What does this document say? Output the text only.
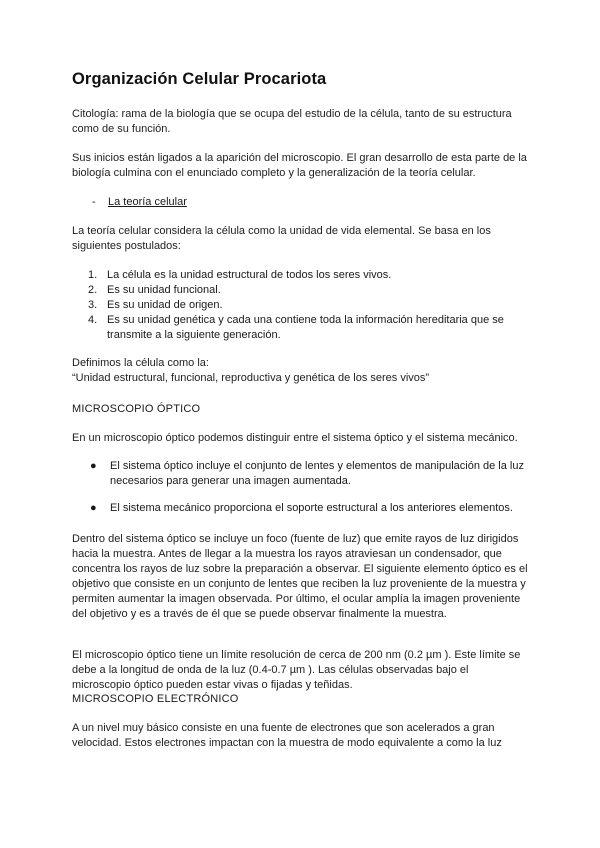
Organización Celular Procariota

Citología: rama de la biología que se ocupa del estudio de la célula, tanto de su estructura como de su función.

Sus inicios están ligados a la aparición del microscopio. El gran desarrollo de esta parte de la biología culmina con el enunciado completo y la generalización de la teoría celular.

- La teoría celular

La teoría celular considera la célula como la unidad de vida elemental. Se basa en los siguientes postulados:

1. La célula es la unidad estructural de todos los seres vivos.
2. Es su unidad funcional.
3. Es su unidad de origen.
4. Es su unidad genética y cada una contiene toda la información hereditaria que se transmite a la siguiente generación.

Definimos la célula como la:
“Unidad estructural, funcional, reproductiva y genética de los seres vivos”

MICROSCOPIO ÓPTICO

En un microscopio óptico podemos distinguir entre el sistema óptico y el sistema mecánico.

● El sistema óptico incluye el conjunto de lentes y elementos de manipulación de la luz necesarios para generar una imagen aumentada.

● El sistema mecánico proporciona el soporte estructural a los anteriores elementos.

Dentro del sistema óptico se incluye un foco (fuente de luz) que emite rayos de luz dirigidos hacia la muestra. Antes de llegar a la muestra los rayos atraviesan un condensador, que concentra los rayos de luz sobre la preparación a observar. El siguiente elemento óptico es el objetivo que consiste en un conjunto de lentes que reciben la luz proveniente de la muestra y permiten aumentar la imagen observada. Por último, el ocular amplía la imagen proveniente del objetivo y es a través de él que se puede observar finalmente la muestra.

El microscopio óptico tiene un límite resolución de cerca de 200 nm (0.2 µm ). Este límite se debe a la longitud de onda de la luz (0.4-0.7 µm ). Las células observadas bajo el microscopio óptico pueden estar vivas o fijadas y teñidas.

MICROSCOPIO ELECTRÓNICO

A un nivel muy básico consiste en una fuente de electrones que son acelerados a gran velocidad. Estos electrones impactan con la muestra de modo equivalente a como la luz
